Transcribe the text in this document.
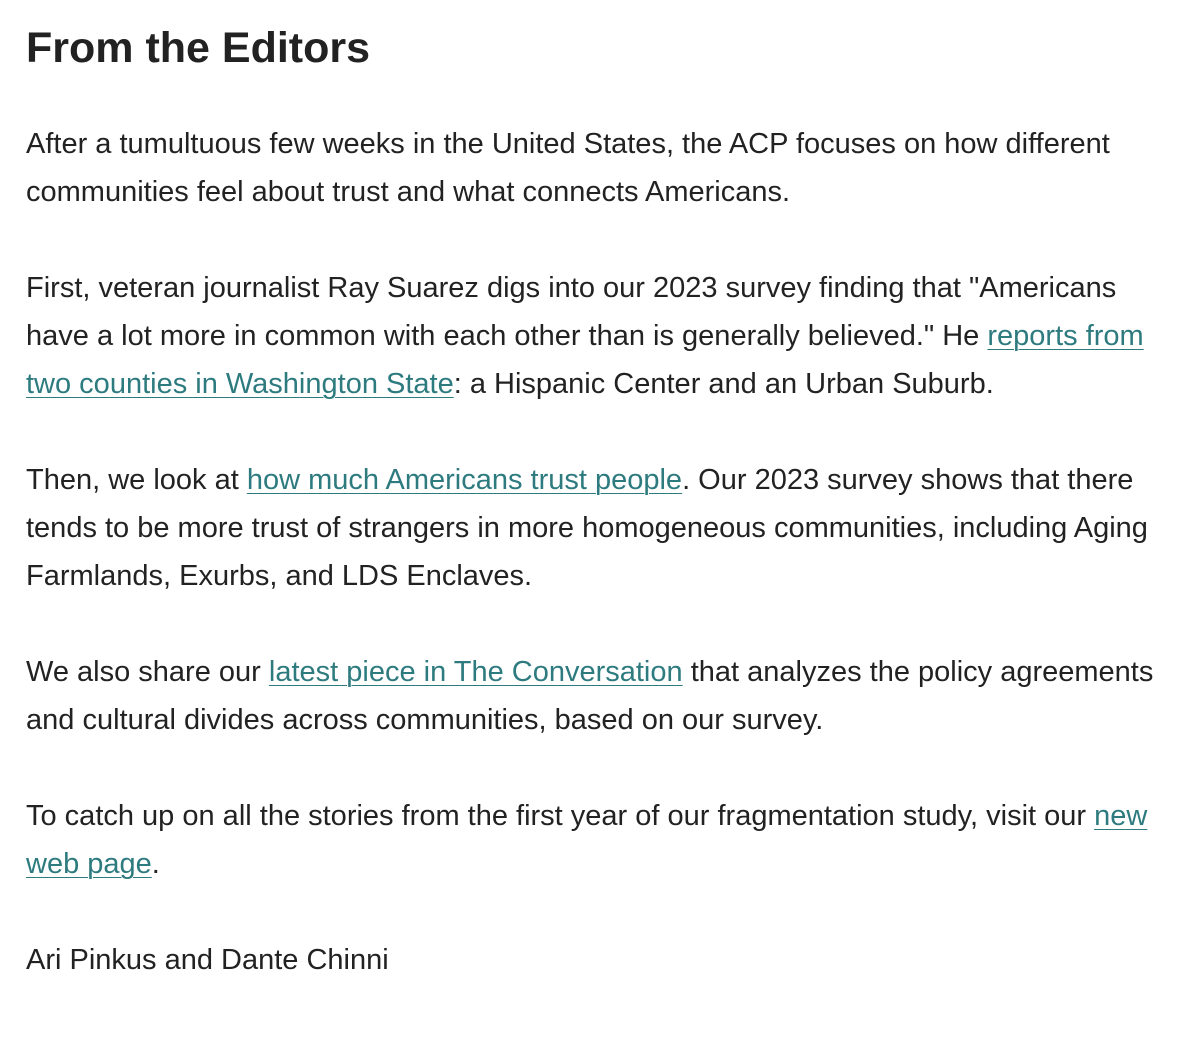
From the Editors

After a tumultuous few weeks in the United States, the ACP focuses on how different communities feel about trust and what connects Americans.

First, veteran journalist Ray Suarez digs into our 2023 survey finding that "Americans have a lot more in common with each other than is generally believed." He reports from two counties in Washington State: a Hispanic Center and an Urban Suburb.

Then, we look at how much Americans trust people. Our 2023 survey shows that there tends to be more trust of strangers in more homogeneous communities, including Aging Farmlands, Exurbs, and LDS Enclaves.

We also share our latest piece in The Conversation that analyzes the policy agreements and cultural divides across communities, based on our survey.

To catch up on all the stories from the first year of our fragmentation study, visit our new web page.

Ari Pinkus and Dante Chinni
